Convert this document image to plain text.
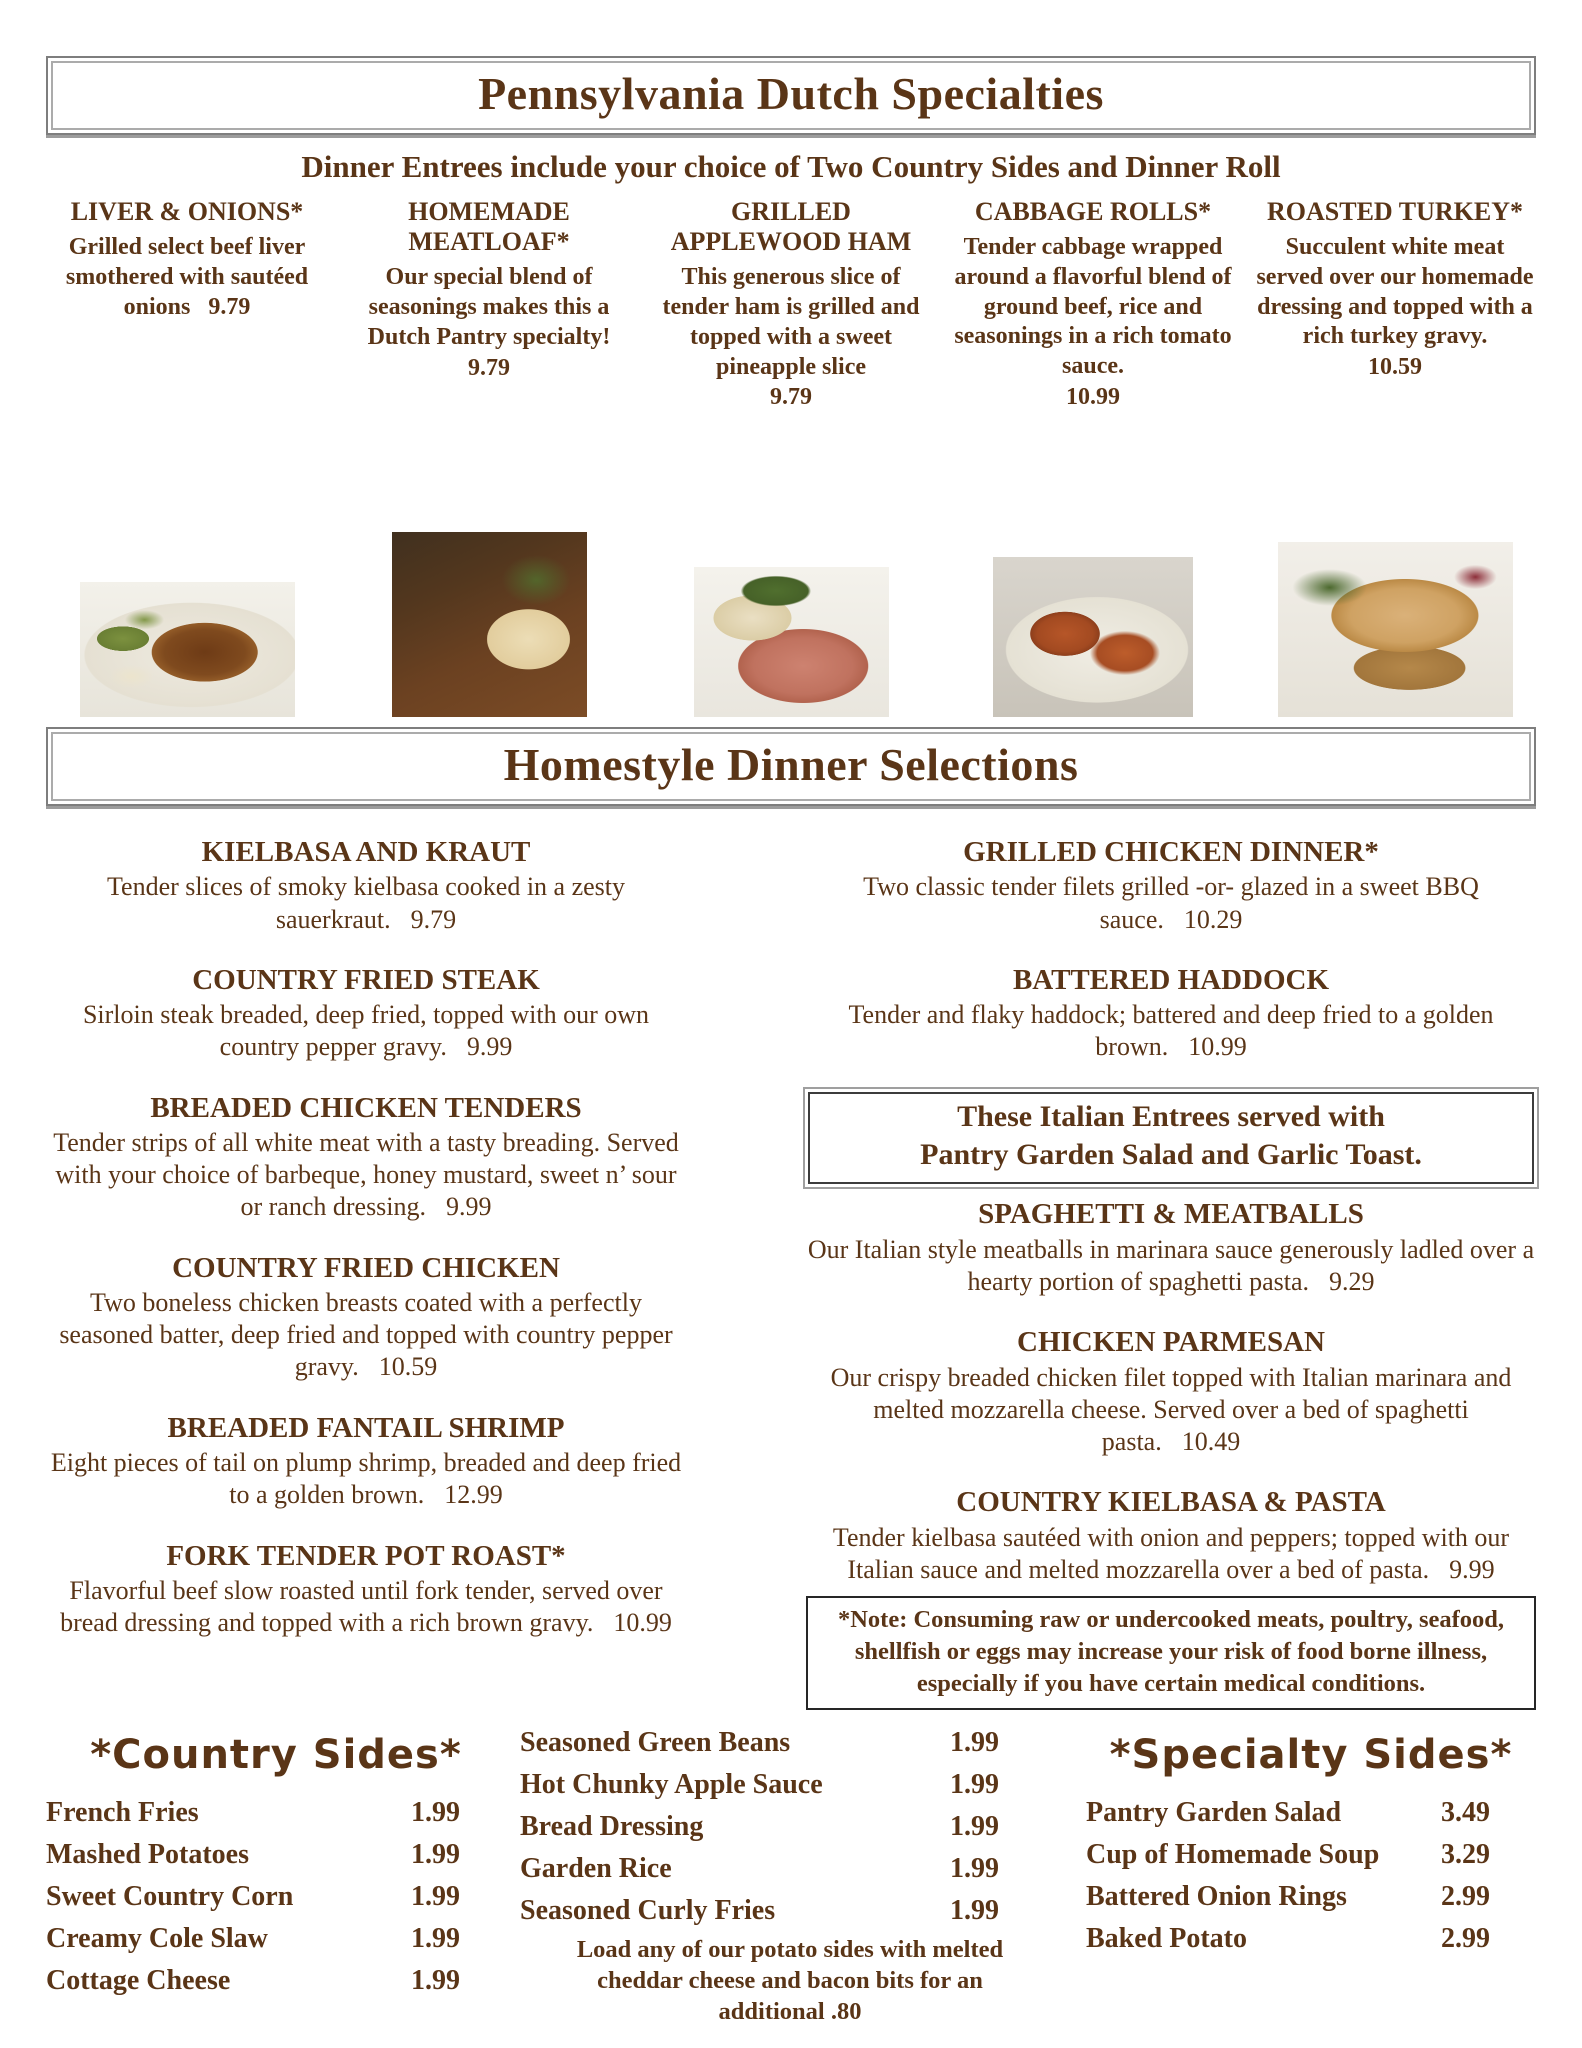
Pennsylvania Dutch Specialties
Dinner Entrees include your choice of Two Country Sides and Dinner Roll
LIVER & ONIONS*
Grilled select beef liver smothered with sautéed onions 9.79
HOMEMADE MEATLOAF*
Our special blend of seasonings makes this a Dutch Pantry specialty!
9.79
GRILLED APPLEWOOD HAM
This generous slice of tender ham is grilled and topped with a sweet pineapple slice
9.79
CABBAGE ROLLS*
Tender cabbage wrapped around a flavorful blend of ground beef, rice and seasonings in a rich tomato sauce.
10.99
ROASTED TURKEY*
Succulent white meat served over our homemade dressing and topped with a rich turkey gravy.
10.59
Homestyle Dinner Selections
KIELBASA AND KRAUT
Tender slices of smoky kielbasa cooked in a zesty sauerkraut. 9.79
COUNTRY FRIED STEAK
Sirloin steak breaded, deep fried, topped with our own country pepper gravy. 9.99
BREADED CHICKEN TENDERS
Tender strips of all white meat with a tasty breading. Served with your choice of barbeque, honey mustard, sweet n’ sour or ranch dressing. 9.99
COUNTRY FRIED CHICKEN
Two boneless chicken breasts coated with a perfectly seasoned batter, deep fried and topped with country pepper gravy. 10.59
BREADED FANTAIL SHRIMP
Eight pieces of tail on plump shrimp, breaded and deep fried to a golden brown. 12.99
FORK TENDER POT ROAST*
Flavorful beef slow roasted until fork tender, served over bread dressing and topped with a rich brown gravy. 10.99
GRILLED CHICKEN DINNER*
Two classic tender filets grilled -or- glazed in a sweet BBQ sauce. 10.29
BATTERED HADDOCK
Tender and flaky haddock; battered and deep fried to a golden brown. 10.99
These Italian Entrees served with
Pantry Garden Salad and Garlic Toast.
SPAGHETTI & MEATBALLS
Our Italian style meatballs in marinara sauce generously ladled over a hearty portion of spaghetti pasta. 9.29
CHICKEN PARMESAN
Our crispy breaded chicken filet topped with Italian marinara and melted mozzarella cheese. Served over a bed of spaghetti pasta. 10.49
COUNTRY KIELBASA & PASTA
Tender kielbasa sautéed with onion and peppers; topped with our Italian sauce and melted mozzarella over a bed of pasta. 9.99
*Note: Consuming raw or undercooked meats, poultry, seafood, shellfish or eggs may increase your risk of food borne illness, especially if you have certain medical conditions.
*Country Sides*
French Fries	1.99
Mashed Potatoes	1.99
Sweet Country Corn	1.99
Creamy Cole Slaw	1.99
Cottage Cheese	1.99
Seasoned Green Beans	1.99
Hot Chunky Apple Sauce	1.99
Bread Dressing	1.99
Garden Rice	1.99
Seasoned Curly Fries	1.99
Load any of our potato sides with melted cheddar cheese and bacon bits for an additional .80
*Specialty Sides*
Pantry Garden Salad	3.49
Cup of Homemade Soup	3.29
Battered Onion Rings	2.99
Baked Potato	2.99
